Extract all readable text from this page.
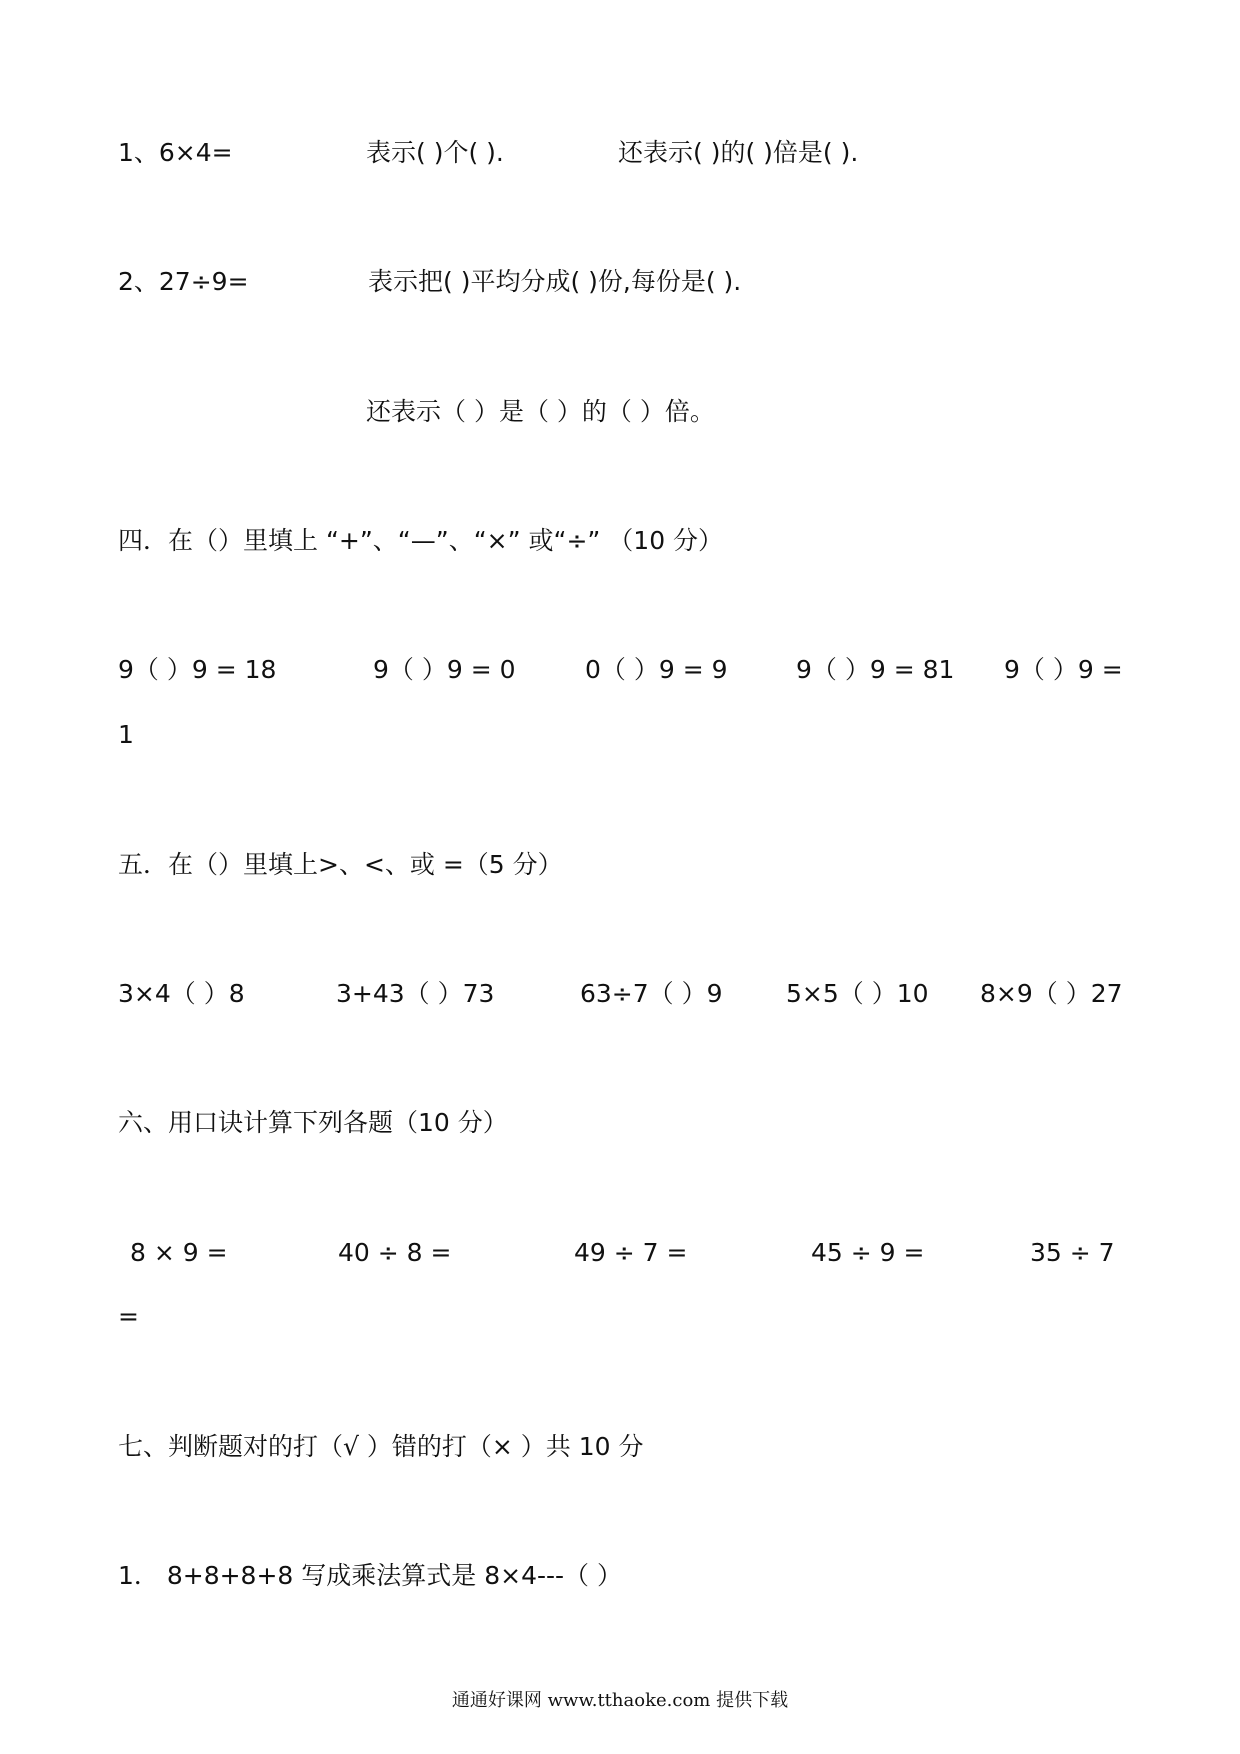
1、6×4=	表示( )个( ).	还表示( )的( )倍是( ).
2、27÷9=	表示把( )平均分成( )份,每份是( ).
还表示（ ）是（ ）的（ ）倍。
四．在（）里填上 “+”、“—”、“×” 或“÷” （10 分）
9（ ）9 = 18	9（ ）9 = 0	0（ ）9 = 9	9（ ）9 = 81 9（ ）9 =
1
五．在（）里填上>、<、或 =（5 分）
3×4（ ）8	3+43（ ）73	63÷7（ ）9	5×5（ ）10 8×9（ ）27
六、用口诀计算下列各题（10 分）
8 × 9 =	40 ÷ 8 =	49 ÷ 7 =	45 ÷ 9 =	35 ÷ 7
=
七、判断题对的打（√ ）错的打（× ）共 10 分
1． 8+8+8+8 写成乘法算式是 8×4---（ ）
通通好课网 www.tthaoke.com 提供下载
